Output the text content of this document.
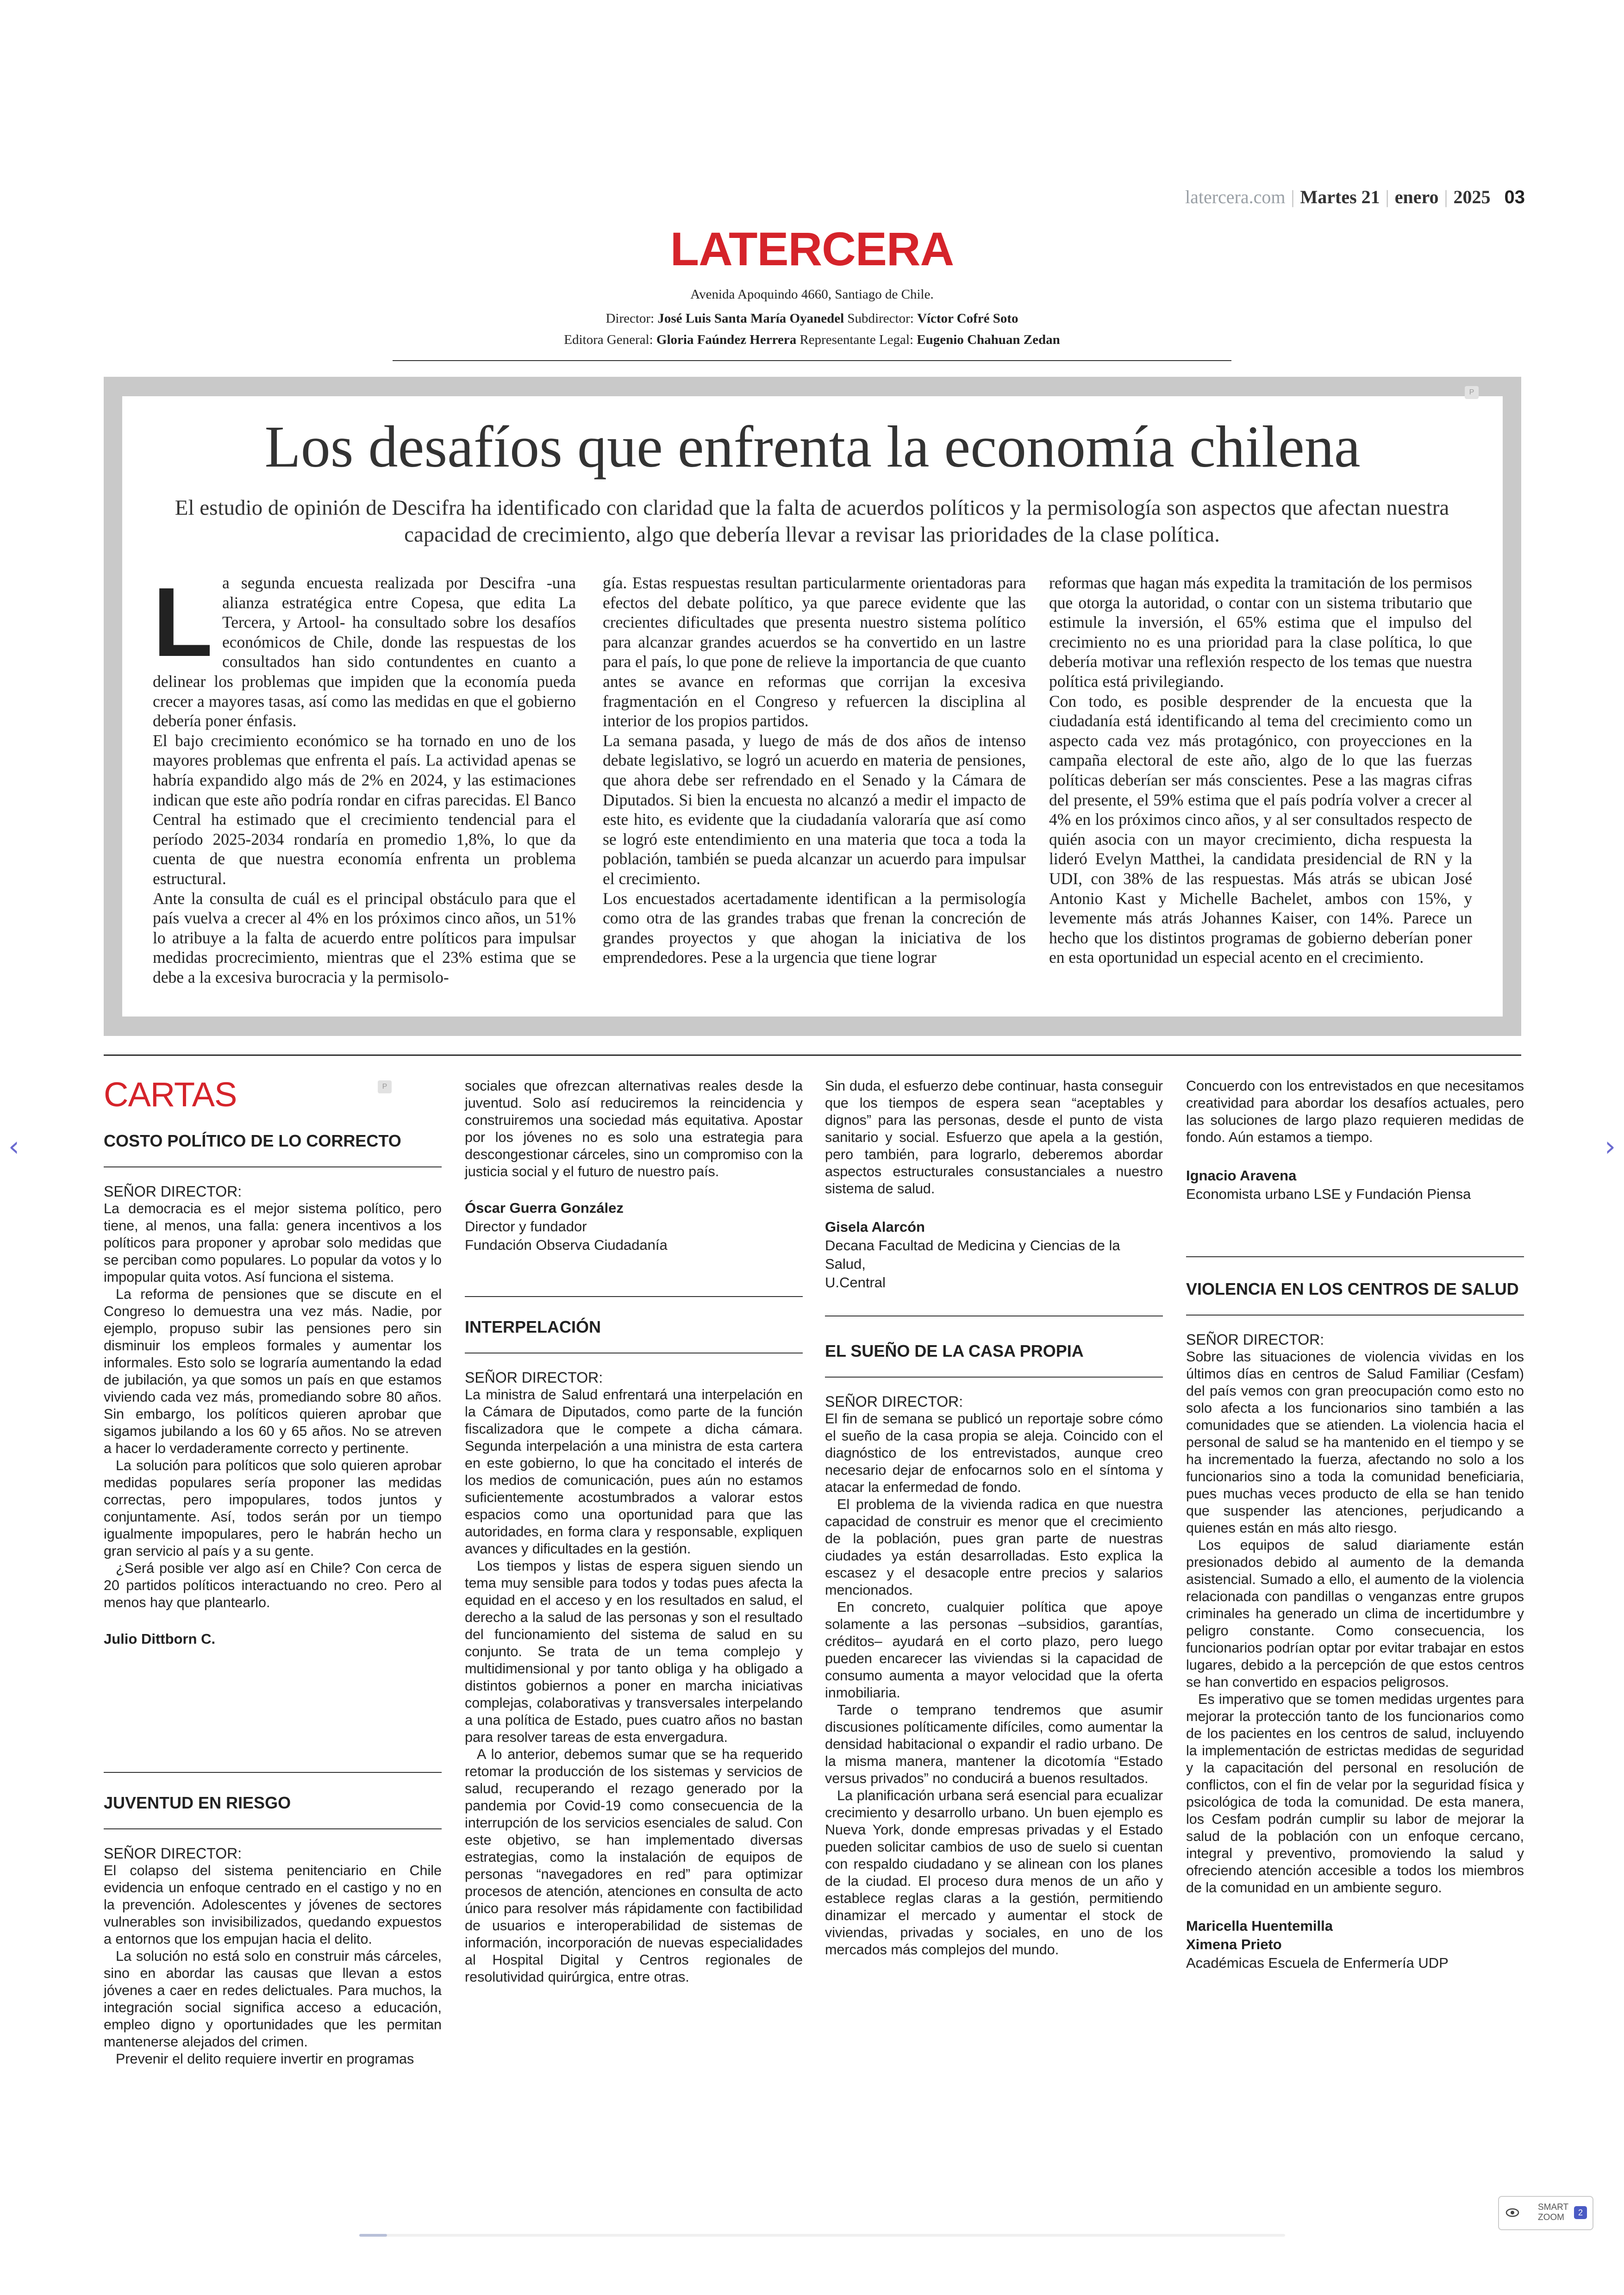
latercera.com | Martes 21 | enero | 2025 03
LATERCERA
Avenida Apoquindo 4660, Santiago de Chile.
Director: José Luis Santa María Oyanedel Subdirector: Víctor Cofré Soto
Editora General: Gloria Faúndez Herrera Representante Legal: Eugenio Chahuan Zedan
P
Los desafíos que enfrenta la economía chilena
El estudio de opinión de Descifra ha identificado con claridad que la falta de acuerdos políticos y la permisología son aspectos que afectan nuestra capacidad de crecimiento, algo que debería llevar a revisar las prioridades de la clase política.
L a segunda encuesta realizada por Descifra -una alianza estratégica entre Copesa, que edita La Tercera, y Artool- ha consultado sobre los desafíos económicos de Chile, donde las respuestas de los consultados han sido contundentes en cuanto a delinear los problemas que impiden que la economía pueda crecer a mayores tasas, así como las medidas en que el gobierno debería poner énfasis.
El bajo crecimiento económico se ha tornado en uno de los mayores problemas que enfrenta el país. La actividad apenas se habría expandido algo más de 2% en 2024, y las estimaciones indican que este año podría rondar en cifras parecidas. El Banco Central ha estimado que el crecimiento tendencial para el período 2025-2034 rondaría en promedio 1,8%, lo que da cuenta de que nuestra economía enfrenta un problema estructural.
Ante la consulta de cuál es el principal obstáculo para que el país vuelva a crecer al 4% en los próximos cinco años, un 51% lo atribuye a la falta de acuerdo entre políticos para impulsar medidas procrecimiento, mientras que el 23% estima que se debe a la excesiva burocracia y la permisolo-
gía. Estas respuestas resultan particularmente orientadoras para efectos del debate político, ya que parece evidente que las crecientes dificultades que presenta nuestro sistema político para alcanzar grandes acuerdos se ha convertido en un lastre para el país, lo que pone de relieve la importancia de que cuanto antes se avance en reformas que corrijan la excesiva fragmentación en el Congreso y refuercen la disciplina al interior de los propios partidos.
La semana pasada, y luego de más de dos años de intenso debate legislativo, se logró un acuerdo en materia de pensiones, que ahora debe ser refrendado en el Senado y la Cámara de Diputados. Si bien la encuesta no alcanzó a medir el impacto de este hito, es evidente que la ciudadanía valoraría que así como se logró este entendimiento en una materia que toca a toda la población, también se pueda alcanzar un acuerdo para impulsar el crecimiento.
Los encuestados acertadamente identifican a la permisología como otra de las grandes trabas que frenan la concreción de grandes proyectos y que ahogan la iniciativa de los emprendedores. Pese a la urgencia que tiene lograr
reformas que hagan más expedita la tramitación de los permisos que otorga la autoridad, o contar con un sistema tributario que estimule la inversión, el 65% estima que el impulso del crecimiento no es una prioridad para la clase política, lo que debería motivar una reflexión respecto de los temas que nuestra política está privilegiando.
Con todo, es posible desprender de la encuesta que la ciudadanía está identificando al tema del crecimiento como un aspecto cada vez más protagónico, con proyecciones en la campaña electoral de este año, algo de lo que las fuerzas políticas deberían ser más conscientes. Pese a las magras cifras del presente, el 59% estima que el país podría volver a crecer al 4% en los próximos cinco años, y al ser consultados respecto de quién asocia con un mayor crecimiento, dicha respuesta la lideró Evelyn Matthei, la candidata presidencial de RN y la UDI, con 38% de las respuestas. Más atrás se ubican José Antonio Kast y Michelle Bachelet, ambos con 15%, y levemente más atrás Johannes Kaiser, con 14%. Parece un hecho que los distintos programas de gobierno deberían poner en esta oportunidad un especial acento en el crecimiento.
CARTAS	P
COSTO POLÍTICO DE LO CORRECTO
SEÑOR DIRECTOR:

La democracia es el mejor sistema político, pero tiene, al menos, una falla: genera incentivos a los políticos para proponer y aprobar solo medidas que se perciban como populares. Lo popular da votos y lo impopular quita votos. Así funciona el sistema.

La reforma de pensiones que se discute en el Congreso lo demuestra una vez más. Nadie, por ejemplo, propuso subir las pensiones pero sin disminuir los empleos formales y aumentar los informales. Esto solo se lograría aumentando la edad de jubilación, ya que somos un país en que estamos viviendo cada vez más, promediando sobre 80 años. Sin embargo, los políticos quieren aprobar que sigamos jubilando a los 60 y 65 años. No se atreven a hacer lo verdaderamente correcto y pertinente.

La solución para políticos que solo quieren aprobar medidas populares sería proponer las medidas correctas, pero impopulares, todos juntos y conjuntamente. Así, todos serán por un tiempo igualmente impopulares, pero le habrán hecho un gran servicio al país y a su gente.

¿Será posible ver algo así en Chile? Con cerca de 20 partidos políticos interactuando no creo. Pero al menos hay que plantearlo.

Julio Dittborn C.
JUVENTUD EN RIESGO
SEÑOR DIRECTOR:

El colapso del sistema penitenciario en Chile evidencia un enfoque centrado en el castigo y no en la prevención. Adolescentes y jóvenes de sectores vulnerables son invisibilizados, quedando expuestos a entornos que los empujan hacia el delito.

La solución no está solo en construir más cárceles, sino en abordar las causas que llevan a estos jóvenes a caer en redes delictuales. Para muchos, la integración social significa acceso a educación, empleo digno y oportunidades que les permitan mantenerse alejados del crimen.

Prevenir el delito requiere invertir en programas

sociales que ofrezcan alternativas reales desde la juventud. Solo así reduciremos la reincidencia y construiremos una sociedad más equitativa. Apostar por los jóvenes no es solo una estrategia para descongestionar cárceles, sino un compromiso con la justicia social y el futuro de nuestro país.

Óscar Guerra González
Director y fundador
Fundación Observa Ciudadanía
INTERPELACIÓN
SEÑOR DIRECTOR:

La ministra de Salud enfrentará una interpelación en la Cámara de Diputados, como parte de la función fiscalizadora que le compete a dicha cámara. Segunda interpelación a una ministra de esta cartera en este gobierno, lo que ha concitado el interés de los medios de comunicación, pues aún no estamos suficientemente acostumbrados a valorar estos espacios como una oportunidad para que las autoridades, en forma clara y responsable, expliquen avances y dificultades en la gestión.

Los tiempos y listas de espera siguen siendo un tema muy sensible para todos y todas pues afecta la equidad en el acceso y en los resultados en salud, el derecho a la salud de las personas y son el resultado del funcionamiento del sistema de salud en su conjunto. Se trata de un tema complejo y multidimensional y por tanto obliga y ha obligado a distintos gobiernos a poner en marcha iniciativas complejas, colaborativas y transversales interpelando a una política de Estado, pues cuatro años no bastan para resolver tareas de esta envergadura.

A lo anterior, debemos sumar que se ha requerido retomar la producción de los sistemas y servicios de salud, recuperando el rezago generado por la pandemia por Covid-19 como consecuencia de la interrupción de los servicios esenciales de salud. Con este objetivo, se han implementado diversas estrategias, como la instalación de equipos de personas “navegadores en red” para optimizar procesos de atención, atenciones en consulta de acto único para resolver más rápidamente con factibilidad de usuarios e interoperabilidad de sistemas de información, incorporación de nuevas especialidades al Hospital Digital y Centros regionales de resolutividad quirúrgica, entre otras.

Sin duda, el esfuerzo debe continuar, hasta conseguir que los tiempos de espera sean “aceptables y dignos” para las personas, desde el punto de vista sanitario y social. Esfuerzo que apela a la gestión, pero también, para lograrlo, deberemos abordar aspectos estructurales consustanciales a nuestro sistema de salud.

Gisela Alarcón
Decana Facultad de Medicina y Ciencias de la Salud,
U.Central
EL SUEÑO DE LA CASA PROPIA
SEÑOR DIRECTOR:

El fin de semana se publicó un reportaje sobre cómo el sueño de la casa propia se aleja. Coincido con el diagnóstico de los entrevistados, aunque creo necesario dejar de enfocarnos solo en el síntoma y atacar la enfermedad de fondo.

El problema de la vivienda radica en que nuestra capacidad de construir es menor que el crecimiento de la población, pues gran parte de nuestras ciudades ya están desarrolladas. Esto explica la escasez y el desacople entre precios y salarios mencionados.

En concreto, cualquier política que apoye solamente a las personas –subsidios, garantías, créditos– ayudará en el corto plazo, pero luego pueden encarecer las viviendas si la capacidad de consumo aumenta a mayor velocidad que la oferta inmobiliaria.

Tarde o temprano tendremos que asumir discusiones políticamente difíciles, como aumentar la densidad habitacional o expandir el radio urbano. De la misma manera, mantener la dicotomía “Estado versus privados” no conducirá a buenos resultados.

La planificación urbana será esencial para ecualizar crecimiento y desarrollo urbano. Un buen ejemplo es Nueva York, donde empresas privadas y el Estado pueden solicitar cambios de uso de suelo si cuentan con respaldo ciudadano y se alinean con los planes de la ciudad. El proceso dura menos de un año y establece reglas claras a la gestión, permitiendo dinamizar el mercado y aumentar el stock de viviendas, privadas y sociales, en uno de los mercados más complejos del mundo.

Concuerdo con los entrevistados en que necesitamos creatividad para abordar los desafíos actuales, pero las soluciones de largo plazo requieren medidas de fondo. Aún estamos a tiempo.

Ignacio Aravena
Economista urbano LSE y Fundación Piensa
VIOLENCIA EN LOS CENTROS DE SALUD
SEÑOR DIRECTOR:

Sobre las situaciones de violencia vividas en los últimos días en centros de Salud Familiar (Cesfam) del país vemos con gran preocupación como esto no solo afecta a los funcionarios sino también a las comunidades que se atienden. La violencia hacia el personal de salud se ha mantenido en el tiempo y se ha incrementado la fuerza, afectando no solo a los funcionarios sino a toda la comunidad beneficiaria, pues muchas veces producto de ella se han tenido que suspender las atenciones, perjudicando a quienes están en más alto riesgo.

Los equipos de salud diariamente están presionados debido al aumento de la demanda asistencial. Sumado a ello, el aumento de la violencia relacionada con pandillas o venganzas entre grupos criminales ha generado un clima de incertidumbre y peligro constante. Como consecuencia, los funcionarios podrían optar por evitar trabajar en estos lugares, debido a la percepción de que estos centros se han convertido en espacios peligrosos.

Es imperativo que se tomen medidas urgentes para mejorar la protección tanto de los funcionarios como de los pacientes en los centros de salud, incluyendo la implementación de estrictas medidas de seguridad y la capacitación del personal en resolución de conflictos, con el fin de velar por la seguridad física y psicológica de toda la comunidad. De esta manera, los Cesfam podrán cumplir su labor de mejorar la salud de la población con un enfoque cercano, integral y preventivo, promoviendo la salud y ofreciendo atención accesible a todos los miembros de la comunidad en un ambiente seguro.

Maricella Huentemilla
Ximena Prieto
Académicas Escuela de Enfermería UDP
‹	›
SMART
ZOOM	2
